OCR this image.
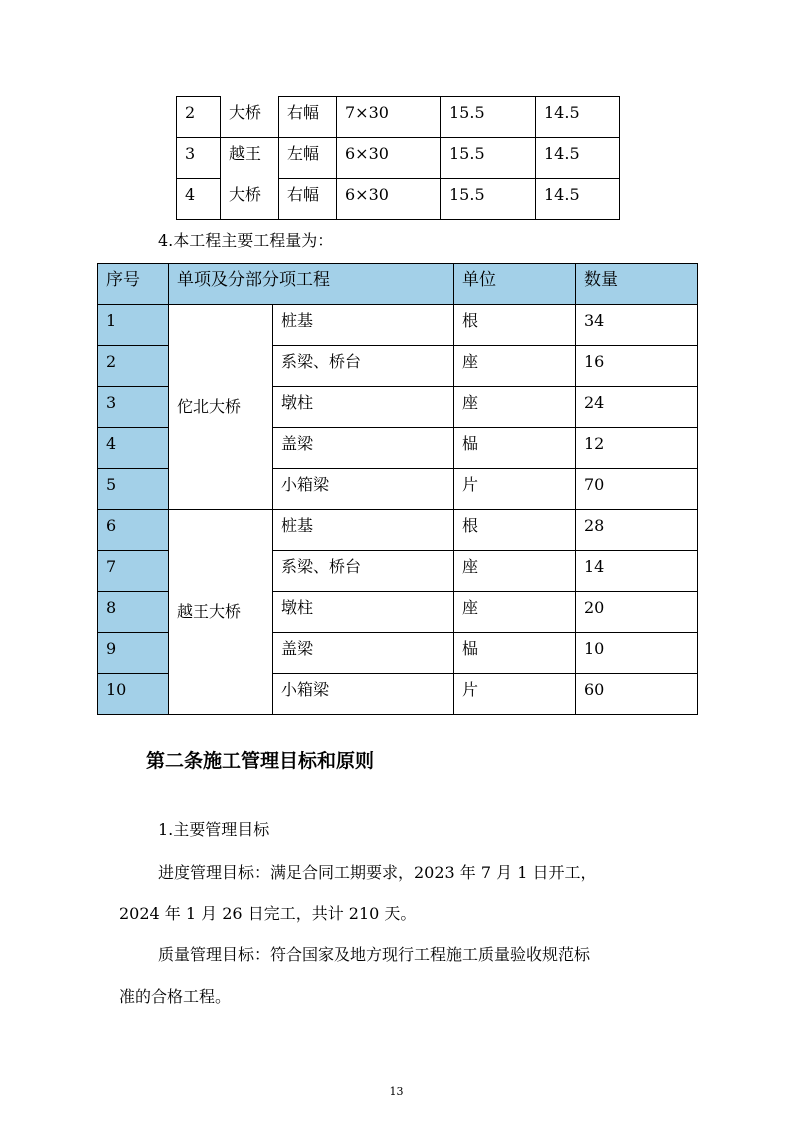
2	大桥	右幅	7×30	15.5	14.5
3	越王	左幅	6×30	15.5	14.5
4	大桥	右幅	6×30	15.5	14.5
4.本工程主要工程量为：
序号	单项及分部分项工程		单位	数量
1	佗北大桥	桩基	根	34
2		系梁、桥台	座	16
3		墩柱	座	24
4		盖梁	榀	12
5		小箱梁	片	70
6	越王大桥	桩基	根	28
7		系梁、桥台	座	14
8		墩柱	座	20
9		盖梁	榀	10
10		小箱梁	片	60
第二条施工管理目标和原则
1.主要管理目标
进度管理目标：满足合同工期要求，2023 年 7 月 1 日开工，
2024 年 1 月 26 日完工，共计 210 天。
质量管理目标：符合国家及地方现行工程施工质量验收规范标
准的合格工程。
13
